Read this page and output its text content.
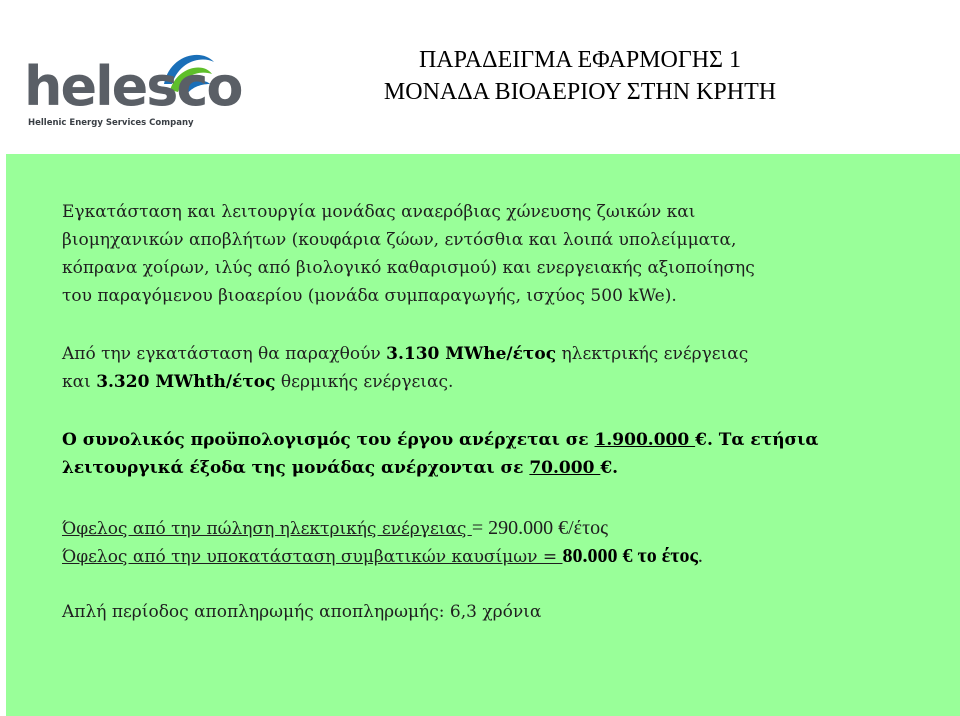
helesco
Hellenic Energy Services Company
ΠΑΡΑΔΕΙΓΜΑ ΕΦΑΡΜΟΓΗΣ 1
ΜΟΝΑΔΑ ΒΙΟΑΕΡΙΟΥ ΣΤΗΝ ΚΡΗΤΗ

Εγκατάσταση και λειτουργία μονάδας αναερόβιας χώνευσης ζωικών και

βιομηχανικών αποβλήτων (κουφάρια ζώων, εντόσθια και λοιπά υπολείμματα,

κόπρανα χοίρων, ιλύς από βιολογικό καθαρισμού) και ενεργειακής αξιοποίησης

του παραγόμενου βιοαερίου (μονάδα συμπαραγωγής, ισχύος 500 kWe).

Από την εγκατάσταση θα παραχθούν 3.130 MWhe/έτος ηλεκτρικής ενέργειας

και 3.320 MWhth/έτος θερμικής ενέργειας.

Ο συνολικός προϋπολογισμός του έργου ανέρχεται σε 1.900.000 €. Τα ετήσια

λειτουργικά έξοδα της μονάδας ανέρχονται σε 70.000 €.

Όφελος από την πώληση ηλεκτρικής ενέργειας = 290.000 €/έτος

Όφελος από την υποκατάσταση συμβατικών καυσίμων = 80.000 € το έτος.

Απλή περίοδος αποπληρωμής αποπληρωμής: 6,3 χρόνια
